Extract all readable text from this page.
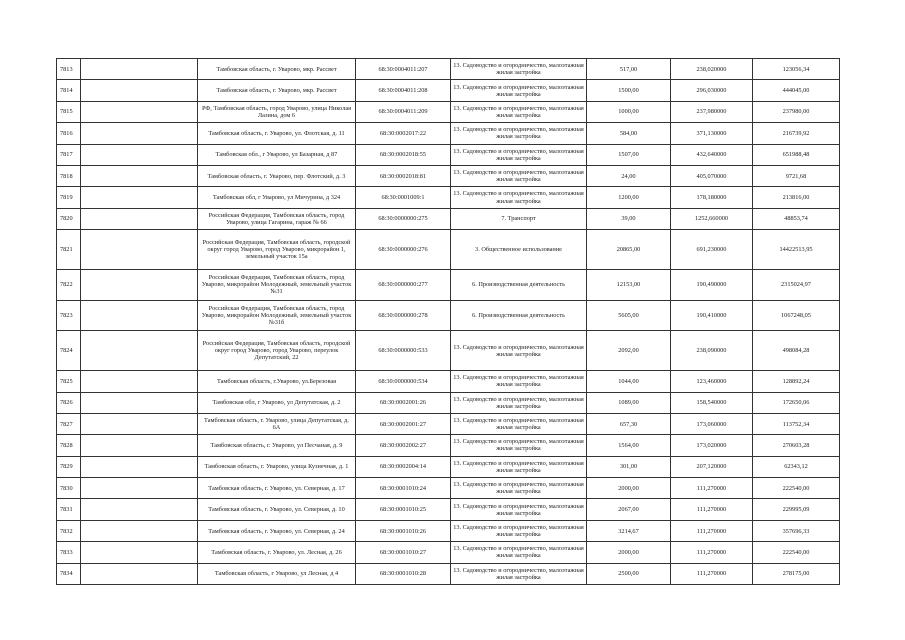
7813		Тамбовская область, г. Уварово, мкр. Рассвет	68:30:0004011:207	13. Садоводство и огородничество, малоэтажная жилая застройка	517,00	238,020000	123056,34
7814		Тамбовская область, г. Уварово, мкр. Рассвет	68:30:0004011:208	13. Садоводство и огородничество, малоэтажная жилая застройка	1500,00	296,030000	444045,00
7815		РФ, Тамбовская область, город Уварово, улица Николая Лазина, дом 6	68:30:0004011:209	13. Садоводство и огородничество, малоэтажная жилая застройка	1000,00	237,980000	237980,00
7816		Тамбовская область, г. Уварово, ул. Флотская, д. 11	68:30:0002017:22	13. Садоводство и огородничество, малоэтажная жилая застройка	584,00	371,130000	216739,92
7817		Тамбовская обл., г Уварово, ул Базарная, д 87	68:30:0002018:55	13. Садоводство и огородничество, малоэтажная жилая застройка	1507,00	432,640000	651988,48
7818		Тамбовская область, г. Уварово, пер. Флотский, д. 3	68:30:0002018:81	13. Садоводство и огородничество, малоэтажная жилая застройка	24,00	405,070000	9721,68
7819		Тамбовская обл, г Уварово, ул Мичурина, д 324	68:30:0001009:1	13. Садоводство и огородничество, малоэтажная жилая застройка	1200,00	178,180000	213816,00
7820		Российская Федерация, Тамбовская область, город Уварово, улица Гагарина, гараж № 66	68:30:0000000:275	7. Транспорт	39,00	1252,660000	48853,74
7821		Российская Федерация, Тамбовская область, городской округ город Уварово, город Уварово, микрорайон 1, земельный участок 15а	68:30:0000000:276	3. Общественное использование	20865,00	691,230000	14422513,95
7822		Российская Федерация, Тамбовская область, город Уварово, микрорайон Молодежный, земельный участок №31	68:30:0000000:277	6. Производственная деятельность	12153,00	190,490000	2315024,97
7823		Российская Федерация, Тамбовская область, город Уварово, микрорайон Молодежный, земельный участок №31б	68:30:0000000:278	6. Производственная деятельность	5605,00	190,410000	1067248,05
7824		Российская Федерация, Тамбовская область, городской округ город Уварово, город Уварово, переулок Депутатский, 22	68:30:0000000:533	13. Садоводство и огородничество, малоэтажная жилая застройка	2092,00	238,090000	498084,28
7825		Тамбовская область, г.Уварово, ул.Березовая	68:30:0000000:534	13. Садоводство и огородничество, малоэтажная жилая застройка	1044,00	123,460000	128892,24
7826		Тамбовская обл, г Уварово, ул Депутатская, д. 2	68:30:0002001:26	13. Садоводство и огородничество, малоэтажная жилая застройка	1089,00	158,540000	172650,06
7827		Тамбовская область, г. Уварово, улица Депутатская, д. 6А	68:30:0002001:27	13. Садоводство и огородничество, малоэтажная жилая застройка	657,30	173,060000	113752,34
7828		Тамбовская область, г. Уварово, ул Песчаная, д. 9	68:30:0002002:27	13. Садоводство и огородничество, малоэтажная жилая застройка	1564,00	173,020000	270603,28
7829		Тамбовская область, г. Уварово, улица Кузнечная, д. 1	68:30:0002004:14	13. Садоводство и огородничество, малоэтажная жилая застройка	301,00	207,120000	62343,12
7830		Тамбовская область, г. Уварово, ул. Северная, д. 17	68:30:0001010:24	13. Садоводство и огородничество, малоэтажная жилая застройка	2000,00	111,270000	222540,00
7831		Тамбовская область, г. Уварово, ул. Северная, д. 10	68:30:0001010:25	13. Садоводство и огородничество, малоэтажная жилая застройка	2067,00	111,270000	229995,09
7832		Тамбовская область, г. Уварово, ул. Северная, д. 24	68:30:0001010:26	13. Садоводство и огородничество, малоэтажная жилая застройка	3214,67	111,270000	357696,33
7833		Тамбовская область, г. Уварово, ул. Лесная, д. 26	68:30:0001010:27	13. Садоводство и огородничество, малоэтажная жилая застройка	2000,00	111,270000	222540,00
7834		Тамбовская область, г Уварово, ул Лесная, д 4	68:30:0001010:28	13. Садоводство и огородничество, малоэтажная жилая застройка	2500,00	111,270000	278175,00
